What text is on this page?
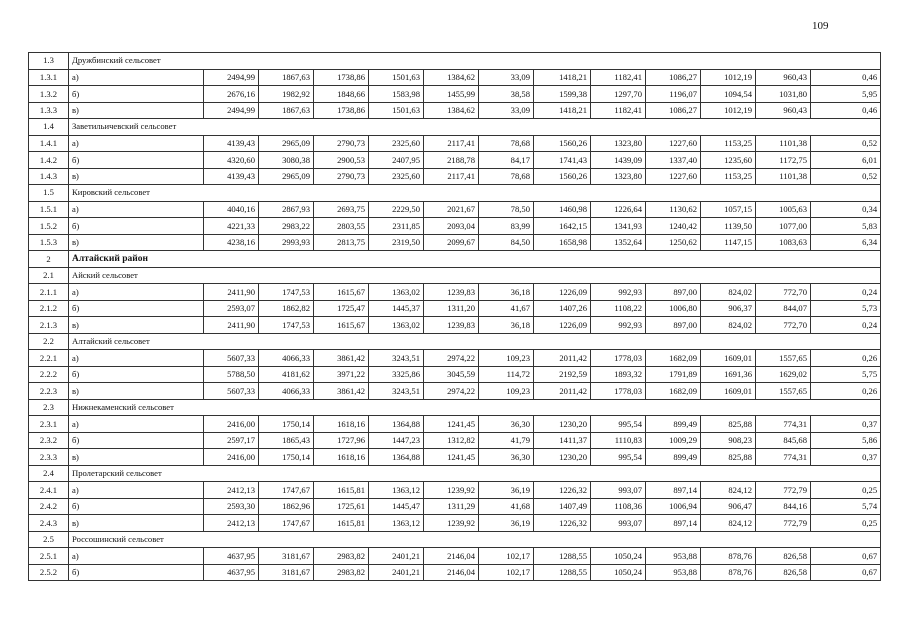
109
1.3	Дружбинский сельсовет												
1.3.1	а)	2494,99	1867,63	1738,86	1501,63	1384,62	33,09	1418,21	1182,41	1086,27	1012,19	960,43	0,46
1.3.2	б)	2676,16	1982,92	1848,66	1583,98	1455,99	38,58	1599,38	1297,70	1196,07	1094,54	1031,80	5,95
1.3.3	в)	2494,99	1867,63	1738,86	1501,63	1384,62	33,09	1418,21	1182,41	1086,27	1012,19	960,43	0,46
1.4	Заветильичевский сельсовет												
1.4.1	а)	4139,43	2965,09	2790,73	2325,60	2117,41	78,68	1560,26	1323,80	1227,60	1153,25	1101,38	0,52
1.4.2	б)	4320,60	3080,38	2900,53	2407,95	2188,78	84,17	1741,43	1439,09	1337,40	1235,60	1172,75	6,01
1.4.3	в)	4139,43	2965,09	2790,73	2325,60	2117,41	78,68	1560,26	1323,80	1227,60	1153,25	1101,38	0,52
1.5	Кировский сельсовет												
1.5.1	а)	4040,16	2867,93	2693,75	2229,50	2021,67	78,50	1460,98	1226,64	1130,62	1057,15	1005,63	0,34
1.5.2	б)	4221,33	2983,22	2803,55	2311,85	2093,04	83,99	1642,15	1341,93	1240,42	1139,50	1077,00	5,83
1.5.3	в)	4238,16	2993,93	2813,75	2319,50	2099,67	84,50	1658,98	1352,64	1250,62	1147,15	1083,63	6,34
2	Алтайский район												
2.1	Айский сельсовет												
2.1.1	а)	2411,90	1747,53	1615,67	1363,02	1239,83	36,18	1226,09	992,93	897,00	824,02	772,70	0,24
2.1.2	б)	2593,07	1862,82	1725,47	1445,37	1311,20	41,67	1407,26	1108,22	1006,80	906,37	844,07	5,73
2.1.3	в)	2411,90	1747,53	1615,67	1363,02	1239,83	36,18	1226,09	992,93	897,00	824,02	772,70	0,24
2.2	Алтайский сельсовет												
2.2.1	а)	5607,33	4066,33	3861,42	3243,51	2974,22	109,23	2011,42	1778,03	1682,09	1609,01	1557,65	0,26
2.2.2	б)	5788,50	4181,62	3971,22	3325,86	3045,59	114,72	2192,59	1893,32	1791,89	1691,36	1629,02	5,75
2.2.3	в)	5607,33	4066,33	3861,42	3243,51	2974,22	109,23	2011,42	1778,03	1682,09	1609,01	1557,65	0,26
2.3	Нижнекаменский сельсовет												
2.3.1	а)	2416,00	1750,14	1618,16	1364,88	1241,45	36,30	1230,20	995,54	899,49	825,88	774,31	0,37
2.3.2	б)	2597,17	1865,43	1727,96	1447,23	1312,82	41,79	1411,37	1110,83	1009,29	908,23	845,68	5,86
2.3.3	в)	2416,00	1750,14	1618,16	1364,88	1241,45	36,30	1230,20	995,54	899,49	825,88	774,31	0,37
2.4	Пролетарский сельсовет												
2.4.1	а)	2412,13	1747,67	1615,81	1363,12	1239,92	36,19	1226,32	993,07	897,14	824,12	772,79	0,25
2.4.2	б)	2593,30	1862,96	1725,61	1445,47	1311,29	41,68	1407,49	1108,36	1006,94	906,47	844,16	5,74
2.4.3	в)	2412,13	1747,67	1615,81	1363,12	1239,92	36,19	1226,32	993,07	897,14	824,12	772,79	0,25
2.5	Россошинский сельсовет												
2.5.1	а)	4637,95	3181,67	2983,82	2401,21	2146,04	102,17	1288,55	1050,24	953,88	878,76	826,58	0,67
2.5.2	б)	4637,95	3181,67	2983,82	2401,21	2146,04	102,17	1288,55	1050,24	953,88	878,76	826,58	0,67
